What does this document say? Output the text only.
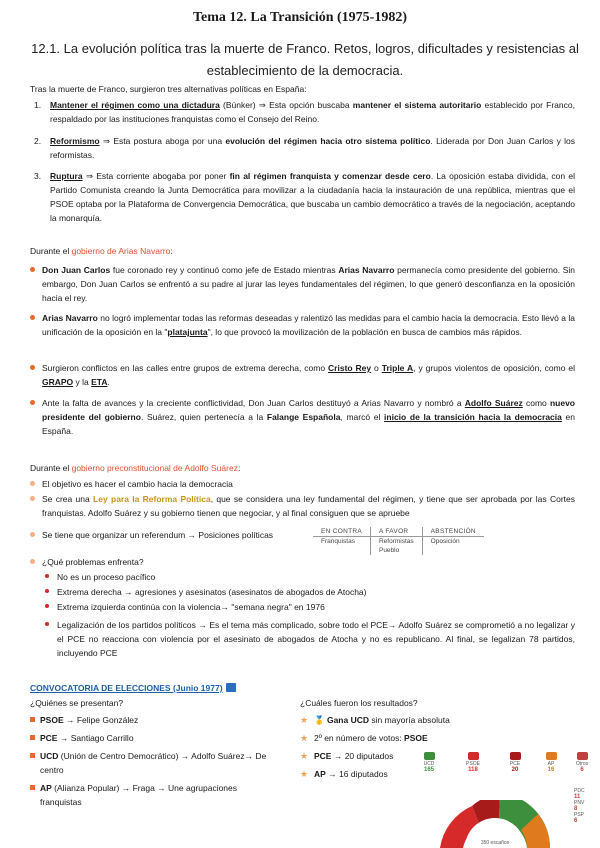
Tema 12. La Transición (1975-1982)
12.1. La evolución política tras la muerte de Franco. Retos, logros, dificultades y resistencias al establecimiento de la democracia.
Tras la muerte de Franco, surgieron tres alternativas políticas en España:
1. Mantener el régimen como una dictadura (Búnker) ⇒ Esta opción buscaba mantener el sistema autoritario establecido por Franco, respaldado por las instituciones franquistas como el Consejo del Reino.
2. Reformismo ⇒ Esta postura aboga por una evolución del régimen hacia otro sistema político. Liderada por Don Juan Carlos y los reformistas.
3. Ruptura ⇒ Esta corriente abogaba por poner fin al régimen franquista y comenzar desde cero. La oposición estaba dividida, con el Partido Comunista creando la Junta Democrática para movilizar a la ciudadanía hacia la instauración de una república, mientras que el PSOE optaba por la Plataforma de Convergencia Democrática, que buscaba un cambio democrático a través de la negociación, aceptando la monarquía.
Durante el gobierno de Arias Navarro:
Don Juan Carlos fue coronado rey y continuó como jefe de Estado mientras Arias Navarro permanecía como presidente del gobierno. Sin embargo, Don Juan Carlos se enfrentó a su padre al jurar las leyes fundamentales del régimen, lo que generó desconfianza en la oposición hacia el rey.
Arias Navarro no logró implementar todas las reformas deseadas y ralentizó las medidas para el cambio hacia la democracia. Esto llevó a la unificación de la oposición en la "platajunta", lo que provocó la movilización de la población en busca de cambios más rápidos.
Surgieron conflictos en las calles entre grupos de extrema derecha, como Cristo Rey o Triple A, y grupos violentos de oposición, como el GRAPO y la ETA.
Ante la falta de avances y la creciente conflictividad, Don Juan Carlos destituyó a Arias Navarro y nombró a Adolfo Suárez como nuevo presidente del gobierno. Suárez, quien pertenecía a la Falange Española, marcó el inicio de la transición hacia la democracia en España.
Durante el gobierno preconstitucional de Adolfo Suárez:
El objetivo es hacer el cambio hacia la democracia
Se crea una Ley para la Reforma Política, que se considera una ley fundamental del régimen, y tiene que ser aprobada por las Cortes franquistas. Adolfo Suárez y su gobierno tienen que negociar, y al final consiguen que se apruebe
Se tiene que organizar un referendum → Posiciones políticas	EN CONTRA	A FAVOR	ABSTENCIÓN
Franquistas	Reformistas	Oposición
	Pueblo	
¿Qué problemas enfrenta?
No es un proceso pacífico
Extrema derecha → agresiones y asesinatos (asesinatos de abogados de Atocha)
Extrema izquierda continúa con la violencia→ "semana negra" en 1976
Legalización de los partidos políticos → Es el tema más complicado, sobre todo el PCE→ Adolfo Suárez se comprometió a no legalizar y el PCE no reacciona con violencia por el asesinato de abogados de Atocha y no es republicano. Al final, se legalizan 78 partidos, incluyendo PCE
CONVOCATORIA DE ELECCIONES (Junio 1977)
¿Quiénes se presentan?
PSOE → Felipe González
PCE → Santiago Carrillo
UCD (Unión de Centro Democrático) → Adolfo Suárez→ De centro
AP (Alianza Popular) → Fraga → Une agrupaciones franquistas
¿Cuáles fueron los resultados?
★ 🥇 Gana UCD sin mayoría absoluta
★ 2º en número de votos: PSOE
★ PCE → 20 diputados
★ AP → 16 diputados
UCD
165
PSOE
118
PCE
20
AP
16
Otros
6
PDC
11
PNV
8
PSP
6
350 escaños
